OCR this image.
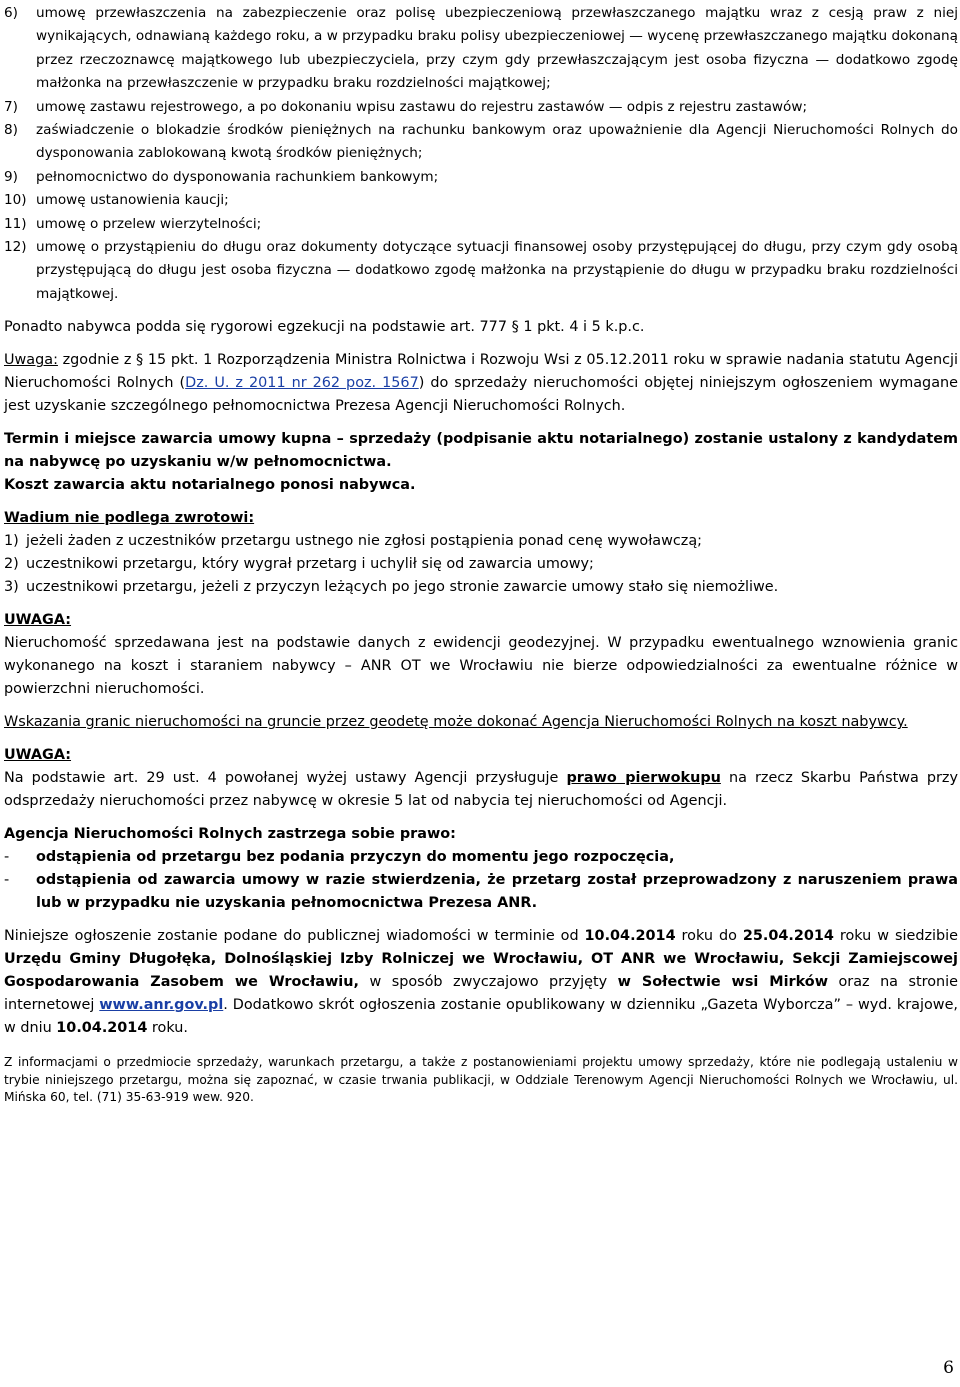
6)	umowę przewłaszczenia na zabezpieczenie oraz polisę ubezpieczeniową przewłaszczanego majątku wraz z cesją praw z niej wynikających, odnawianą każdego roku, a w przypadku braku polisy ubezpieczeniowej — wycenę przewłaszczanego majątku dokonaną przez rzeczoznawcę majątkowego lub ubezpieczyciela, przy czym gdy przewłaszczającym jest osoba fizyczna — dodatkowo zgodę małżonka na przewłaszczenie w przypadku braku rozdzielności majątkowej;
7)	umowę zastawu rejestrowego, a po dokonaniu wpisu zastawu do rejestru zastawów — odpis z rejestru zastawów;
8)	zaświadczenie o blokadzie środków pieniężnych na rachunku bankowym oraz upoważnienie dla Agencji Nieruchomości Rolnych do dysponowania zablokowaną kwotą środków pieniężnych;
9)	pełnomocnictwo do dysponowania rachunkiem bankowym;
10) umowę ustanowienia kaucji;
11) umowę o przelew wierzytelności;
12) umowę o przystąpieniu do długu oraz dokumenty dotyczące sytuacji finansowej osoby przystępującej do długu, przy czym gdy osobą przystępującą do długu jest osoba fizyczna — dodatkowo zgodę małżonka na przystąpienie do długu w przypadku braku rozdzielności majątkowej.

Ponadto nabywca podda się rygorowi egzekucji na podstawie art. 777 § 1 pkt. 4 i 5 k.p.c.

Uwaga: zgodnie z § 15 pkt. 1 Rozporządzenia Ministra Rolnictwa i Rozwoju Wsi z 05.12.2011 roku w sprawie nadania statutu Agencji Nieruchomości Rolnych (Dz. U. z 2011 nr 262 poz. 1567) do sprzedaży nieruchomości objętej niniejszym ogłoszeniem wymagane jest uzyskanie szczególnego pełnomocnictwa Prezesa Agencji Nieruchomości Rolnych.

Termin i miejsce zawarcia umowy kupna – sprzedaży (podpisanie aktu notarialnego) zostanie ustalony z kandydatem na nabywcę po uzyskaniu w/w pełnomocnictwa.

Koszt zawarcia aktu notarialnego ponosi nabywca.

Wadium nie podlega zwrotowi:

1) jeżeli żaden z uczestników przetargu ustnego nie zgłosi postąpienia ponad cenę wywoławczą;
2) uczestnikowi przetargu, który wygrał przetarg i uchylił się od zawarcia umowy;
3) uczestnikowi przetargu, jeżeli z przyczyn leżących po jego stronie zawarcie umowy stało się niemożliwe.

UWAGA:

Nieruchomość sprzedawana jest na podstawie danych z ewidencji geodezyjnej. W przypadku ewentualnego wznowienia granic wykonanego na koszt i staraniem nabywcy – ANR OT we Wrocławiu nie bierze odpowiedzialności za ewentualne różnice w powierzchni nieruchomości.

Wskazania granic nieruchomości na gruncie przez geodetę może dokonać Agencja Nieruchomości Rolnych na koszt nabywcy.

UWAGA:

Na podstawie art. 29 ust. 4 powołanej wyżej ustawy Agencji przysługuje prawo pierwokupu na rzecz Skarbu Państwa przy odsprzedaży nieruchomości przez nabywcę w okresie 5 lat od nabycia tej nieruchomości od Agencji.

Agencja Nieruchomości Rolnych zastrzega sobie prawo:

-	odstąpienia od przetargu bez podania przyczyn do momentu jego rozpoczęcia,
-	odstąpienia od zawarcia umowy w razie stwierdzenia, że przetarg został przeprowadzony z naruszeniem prawa lub w przypadku nie uzyskania pełnomocnictwa Prezesa ANR.

Niniejsze ogłoszenie zostanie podane do publicznej wiadomości w terminie od 10.04.2014 roku do 25.04.2014 roku w siedzibie Urzędu Gminy Długołęka, Dolnośląskiej Izby Rolniczej we Wrocławiu, OT ANR we Wrocławiu, Sekcji Zamiejscowej Gospodarowania Zasobem we Wrocławiu, w sposób zwyczajowo przyjęty w Sołectwie wsi Mirków oraz na stronie internetowej www.anr.gov.pl. Dodatkowo skrót ogłoszenia zostanie opublikowany w dzienniku „Gazeta Wyborcza” – wyd. krajowe, w dniu 10.04.2014 roku.

Z informacjami o przedmiocie sprzedaży, warunkach przetargu, a także z postanowieniami projektu umowy sprzedaży, które nie podlegają ustaleniu w trybie niniejszego przetargu, można się zapoznać, w czasie trwania publikacji, w Oddziale Terenowym Agencji Nieruchomości Rolnych we Wrocławiu, ul. Mińska 60, tel. (71) 35-63-919 wew. 920.

6
